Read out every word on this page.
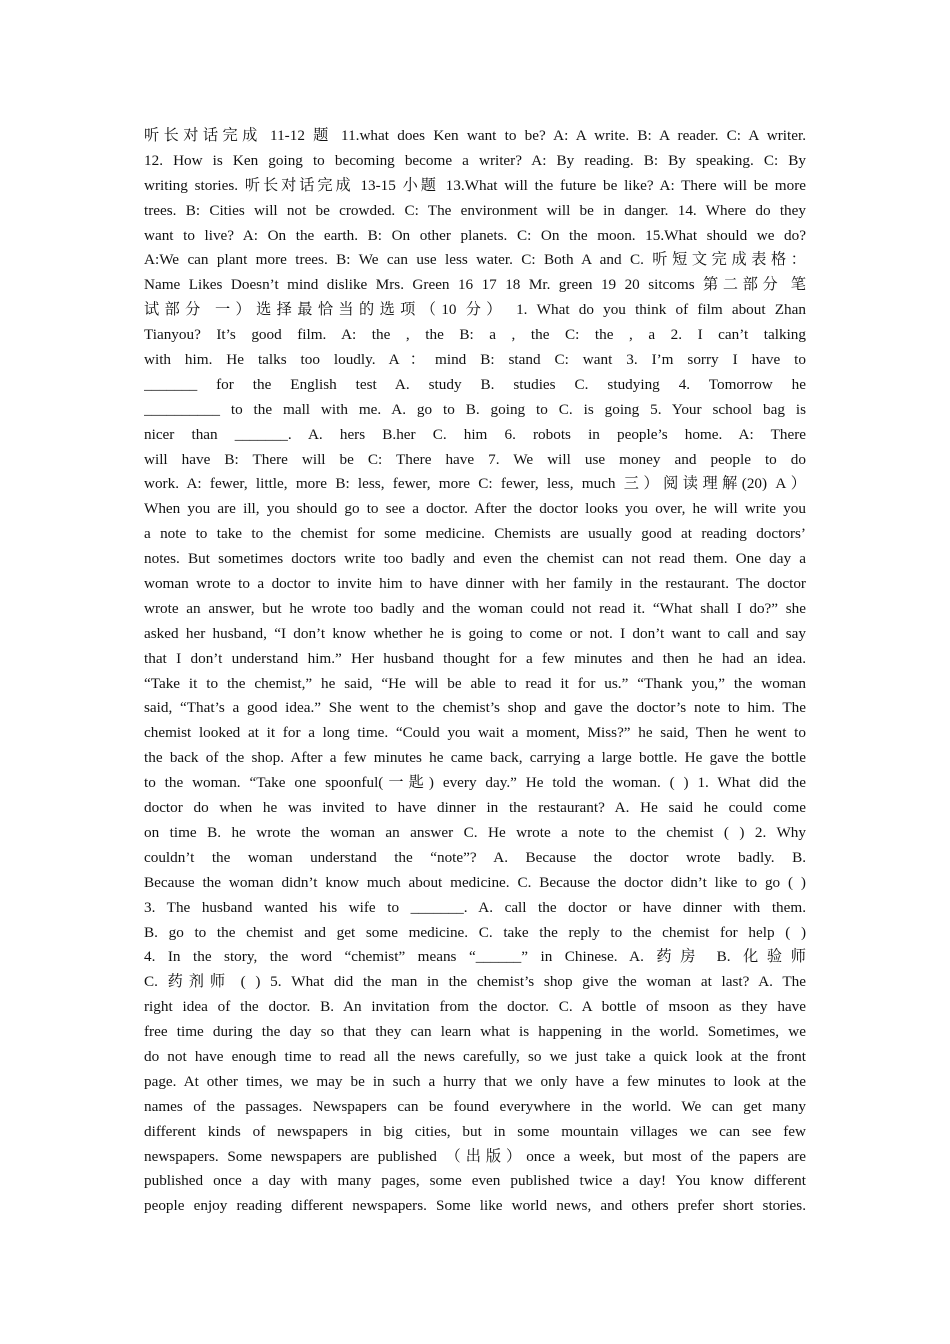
听长对话完成 11-12 题 11.what does Ken want to be? A: A write. B: A reader. C: A writer.
12. How is Ken going to becoming become a writer? A: By reading. B: By speaking. C: By
writing stories. 听长对话完成 13-15 小题 13.What will the future be like? A: There will be more
trees. B: Cities will not be crowded. C: The environment will be in danger. 14. Where do they
want to live? A: On the earth. B: On other planets. C: On the moon. 15.What should we do?
A:We can plant more trees. B: We can use less water. C: Both A and C. 听短文完成表格：
Name Likes Doesn’t mind dislike Mrs. Green 16 17 18 Mr. green 19 20 sitcoms 第二部分 笔
试部分 一）选择最恰当的选项（10 分） 1. What do you think of film about Zhan
Tianyou? It’s good film. A: the , the B: a , the C: the , a 2. I can’t talking
with him. He talks too loudly. A：mind B: stand C: want 3. I’m sorry I have to
_______ for the English test A. study B. studies C. studying 4. Tomorrow he
__________ to the mall with me. A. go to B. going to C. is going 5. Your school bag is
nicer than _______. A. hers B.her C. him 6. robots in people’s home. A: There
will have B: There will be C: There have 7. We will use money and people to do
work. A: fewer, little, more B: less, fewer, more C: fewer, less, much 三）阅读理解(20) A）
When you are ill, you should go to see a doctor. After the doctor looks you over, he will write you
a note to take to the chemist for some medicine. Chemists are usually good at reading doctors’
notes. But sometimes doctors write too badly and even the chemist can not read them. One day a
woman wrote to a doctor to invite him to have dinner with her family in the restaurant. The doctor
wrote an answer, but he wrote too badly and the woman could not read it. “What shall I do?” she
asked her husband, “I don’t know whether he is going to come or not. I don’t want to call and say
that I don’t understand him.” Her husband thought for a few minutes and then he had an idea.
“Take it to the chemist,” he said, “He will be able to read it for us.” “Thank you,” the woman
said, “That’s a good idea.” She went to the chemist’s shop and gave the doctor’s note to him. The
chemist looked at it for a long time. “Could you wait a moment, Miss?” he said, Then he went to
the back of the shop. After a few minutes he came back, carrying a large bottle. He gave the bottle
to the woman. “Take one spoonful(一匙) every day.” He told the woman. ( ) 1. What did the
doctor do when he was invited to have dinner in the restaurant? A. He said he could come
on time B. he wrote the woman an answer C. He wrote a note to the chemist ( ) 2. Why
couldn’t the woman understand the “note”? A. Because the doctor wrote badly. B.
Because the woman didn’t know much about medicine. C. Because the doctor didn’t like to go ( )
3. The husband wanted his wife to _______. A. call the doctor or have dinner with them.
B. go to the chemist and get some medicine. C. take the reply to the chemist for help ( )
4. In the story, the word “chemist” means “______” in Chinese. A. 药房 B. 化验师
C. 药剂师 ( ) 5. What did the man in the chemist’s shop give the woman at last? A. The
right idea of the doctor. B. An invitation from the doctor. C. A bottle of msoon as they have
free time during the day so that they can learn what is happening in the world. Sometimes, we
do not have enough time to read all the news carefully, so we just take a quick look at the front
page. At other times, we may be in such a hurry that we only have a few minutes to look at the
names of the passages. Newspapers can be found everywhere in the world. We can get many
different kinds of newspapers in big cities, but in some mountain villages we can see few
newspapers. Some newspapers are published （出版）once a week, but most of the papers are
published once a day with many pages, some even published twice a day! You know different
people enjoy reading different newspapers. Some like world news, and others prefer short stories.
